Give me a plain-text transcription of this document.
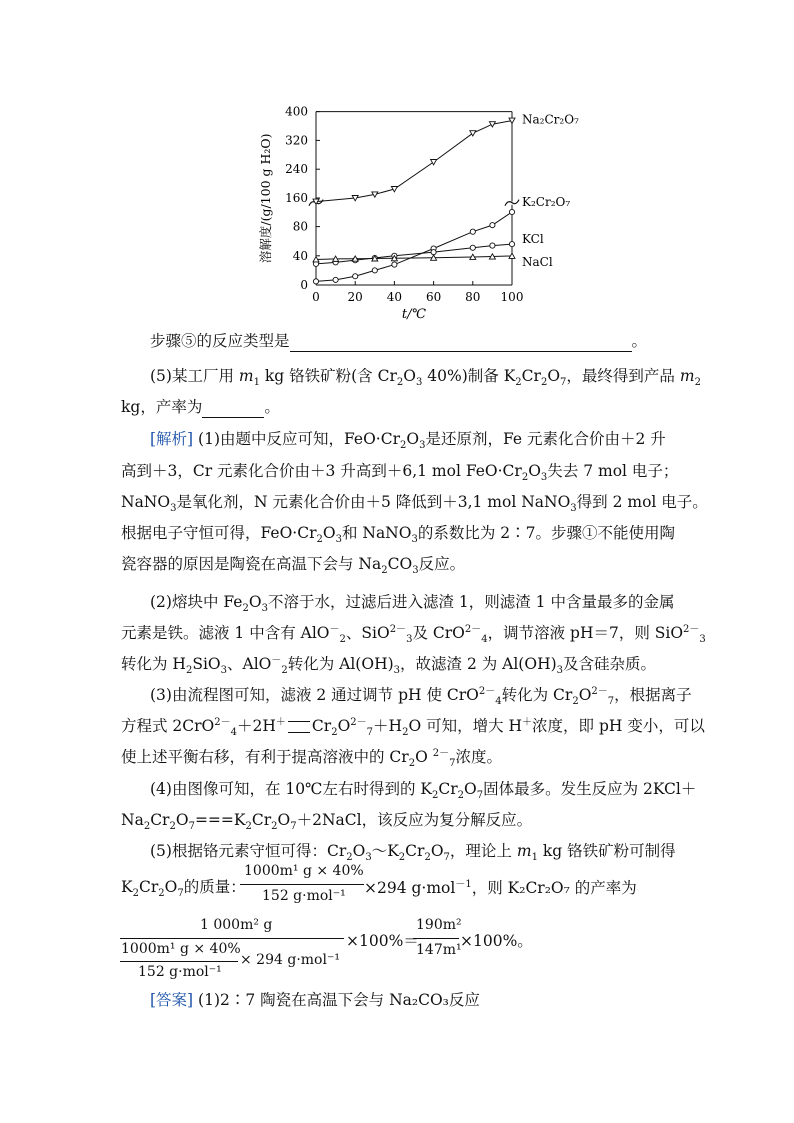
0
40
80
160
240
320
400
0 20 40 60 80 100
t/℃
溶解度/(g/100 g H₂O)
Na₂Cr₂O₇
K₂Cr₂O₇
KCl
NaCl
步骤⑤的反应类型是	。
(5)某工厂用 $m_1$ kg 铬铁矿粉(含 $Cr_2O_3$ 40%)制备 $K_2Cr_2O_7$，最终得到产品 $m_2$
kg，产率为	。
[解析] (1)由题中反应可知，$FeO\cdot Cr_2O_3$是还原剂，Fe 元素化合价由＋2 升
高到＋3，Cr 元素化合价由＋3 升高到＋6,1 mol $FeO\cdot Cr_2O_3$失去 7 mol 电子；
NaNO$_3$是氧化剂，N 元素化合价由＋5 降低到＋3,1 mol NaNO$_3$得到 2 mol 电子。
根据电子守恒可得，$FeO\cdot Cr_2O_3$和 NaNO$_3$的系数比为 2∶7。步骤①不能使用陶
瓷容器的原因是陶瓷在高温下会与 $Na_2CO_3$反应。
(2)熔块中 $Fe_2O_3$不溶于水，过滤后进入滤渣 1，则滤渣 1 中含量最多的金属
元素是铁。滤液 1 中含有 AlO－$_2$、SiO$^{2-}_3$及 CrO$^{2-}_4$，调节溶液 pH＝7，则 SiO$^{2-}_3$
转化为 $H_2SiO_3$、AlO－$_2$转化为 $Al(OH)_3$，故滤渣 2 为 $Al(OH)_3$及含硅杂质。
(3)由流程图可知，滤液 2 通过调节 pH 使 CrO$^{2-}_4$转化为 $Cr_2O^{2-}_7$，根据离子
方程式 2CrO$^{2-}_4$＋2H＋ $Cr_2O^{2-}_7+H_2O$ 可知，增大 H＋浓度，即 pH 变小，可以
使上述平衡右移，有利于提高溶液中的 $Cr_2O$ $^{2-}_7$浓度。
(4)由图像可知，在 10℃左右时得到的 $K_2Cr_2O_7$固体最多。发生反应为 2KCl＋
$Na_2Cr_2O_7===K_2Cr_2O_7+2NaCl$，该反应为复分解反应。
(5)根据铬元素守恒可得：$Cr_2O_3\sim K_2Cr_2O_7$，理论上 $m_1$ kg 铬铁矿粉可制得
$K_2Cr_2O_7$的质量：
1000m¹ g × 40%
152 g·mol⁻¹ ×294 g·mol$^{-1}$，则 K₂Cr₂O₇ 的产率为
1 000m² g
1000m¹ g × 40%
152 g·mol⁻¹
× 294 g·mol⁻¹
×100%＝
190m²
147m¹
×100%。
[答案] (1)2∶7 陶瓷在高温下会与 Na₂CO₃反应
